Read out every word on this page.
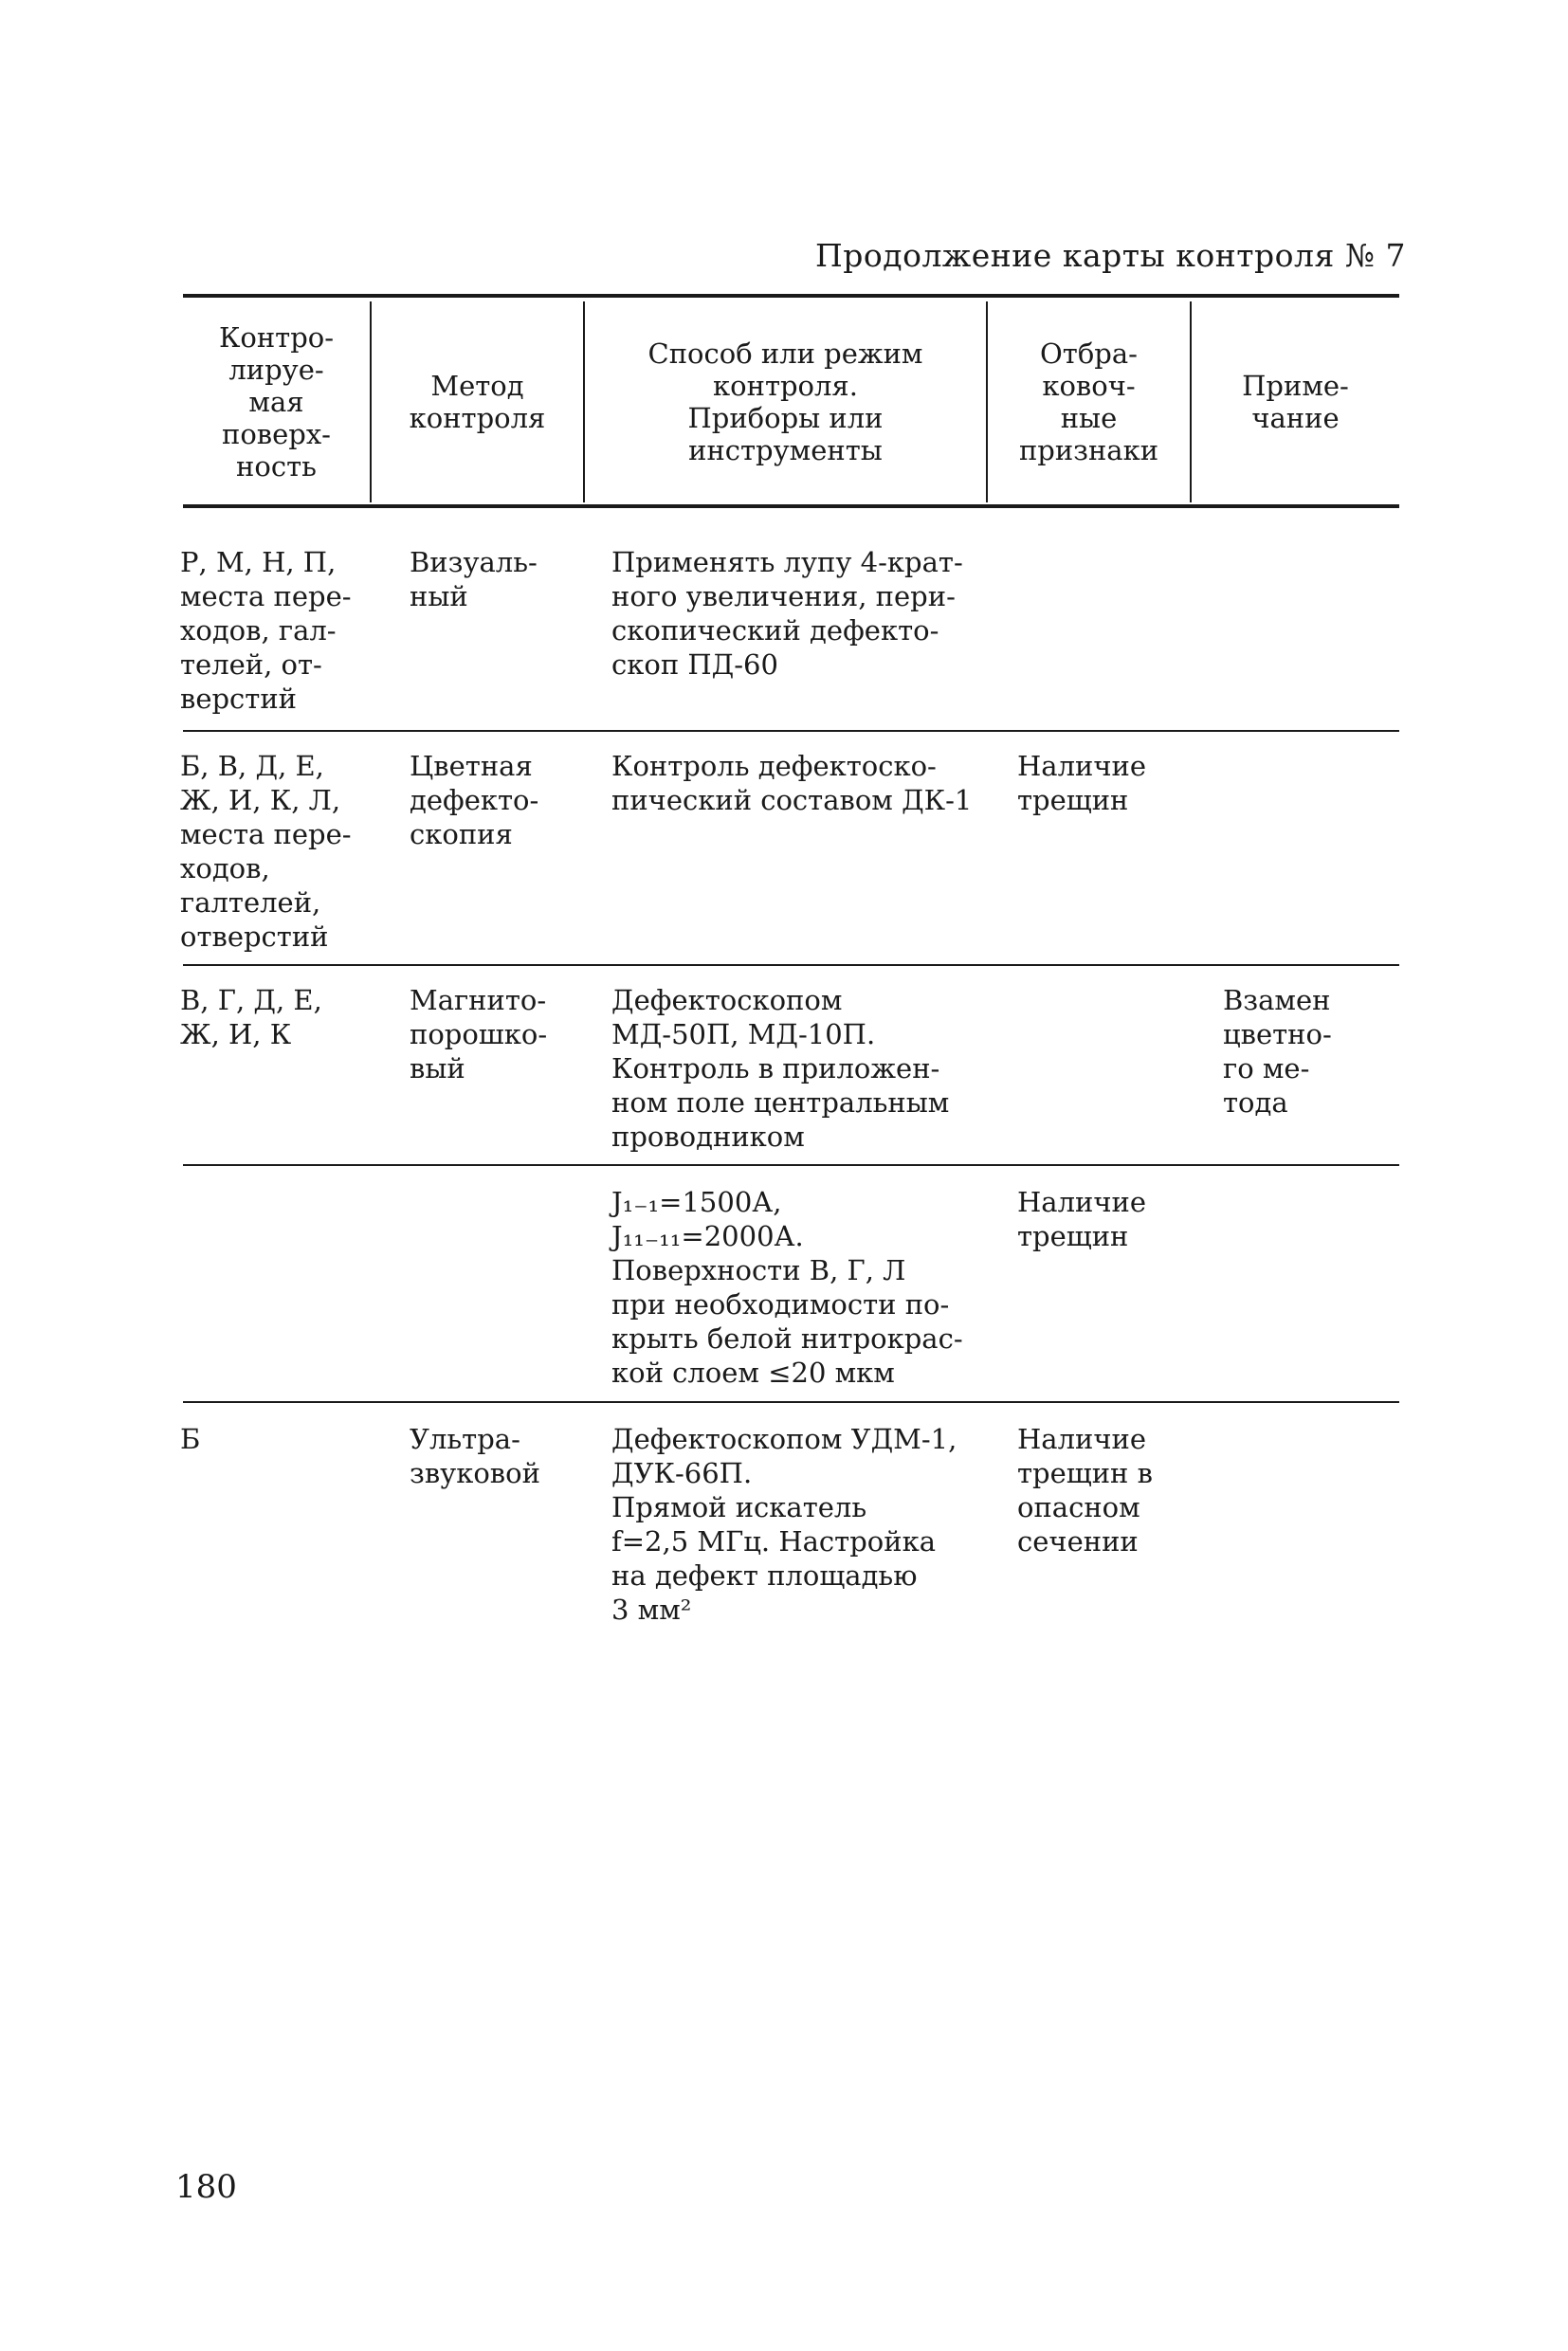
Продолжение карты контроля № 7
Контро-
лируе-
мая
поверх-
ность
Метод
контроля
Способ или режим
контроля.
Приборы или
инструменты
Отбра-
ковоч-
ные
признаки
Приме-
чание
Р, М, Н, П,
места пере-
ходов, гал-
телей, от-
верстий
Визуаль-
ный
Применять лупу 4-крат-
ного увеличения, пери-
скопический дефекто-
скоп ПД-60
Б, В, Д, Е,
Ж, И, К, Л,
места пере-
ходов,
галтелей,
отверстий
Цветная
дефекто-
скопия
Контроль дефектоско-
пический составом ДК-1
Наличие
трещин
В, Г, Д, Е,
Ж, И, К
Магнито-
порошко-
вый
Дефектоскопом
МД-50П, МД-10П.
Контроль в приложен-
ном поле центральным
проводником
Взамен
цветно-
го ме-
тода
J₁₋₁=1500А,
J₁₁₋₁₁=2000А.
Поверхности В, Г, Л
при необходимости по-
крыть белой нитрокрас-
кой слоем ≤20 мкм
Наличие
трещин
Б	Ультра-
звуковой
Дефектоскопом УДМ-1,
ДУК-66П.
Прямой искатель
f=2,5 МГц. Настройка
на дефект площадью
3 мм²
Наличие
трещин в
опасном
сечении
180
